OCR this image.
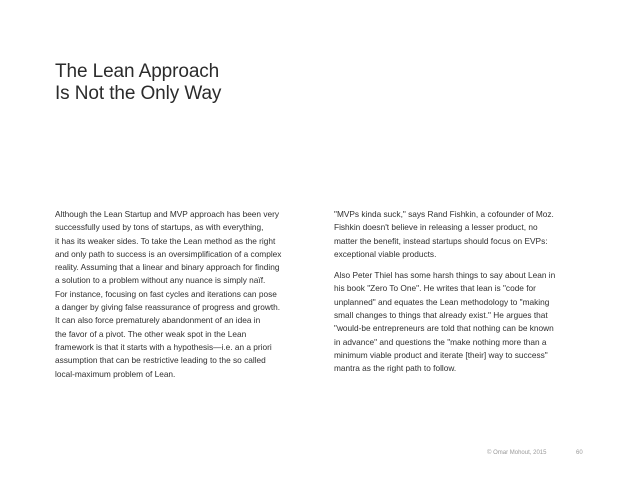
The Lean Approach
Is Not the Only Way
Although the Lean Startup and MVP approach has been very
successfully used by tons of startups, as with everything,
it has its weaker sides. To take the Lean method as the right
and only path to success is an oversimplification of a complex
reality. Assuming that a linear and binary approach for finding
a solution to a problem without any nuance is simply naïf.
For instance, focusing on fast cycles and iterations can pose
a danger by giving false reassurance of progress and growth.
It can also force prematurely abandonment of an idea in
the favor of a pivot. The other weak spot in the Lean
framework is that it starts with a hypothesis—i.e. an a priori
assumption that can be restrictive leading to the so called
local-maximum problem of Lean.
"MVPs kinda suck," says Rand Fishkin, a cofounder of Moz.
Fishkin doesn't believe in releasing a lesser product, no
matter the benefit, instead startups should focus on EVPs:
exceptional viable products.
Also Peter Thiel has some harsh things to say about Lean in
his book "Zero To One". He writes that lean is "code for
unplanned" and equates the Lean methodology to "making
small changes to things that already exist." He argues that
"would-be entrepreneurs are told that nothing can be known
in advance" and questions the "make nothing more than a
minimum viable product and iterate [their] way to success"
mantra as the right path to follow.
© Omar Mohout, 2015	60
